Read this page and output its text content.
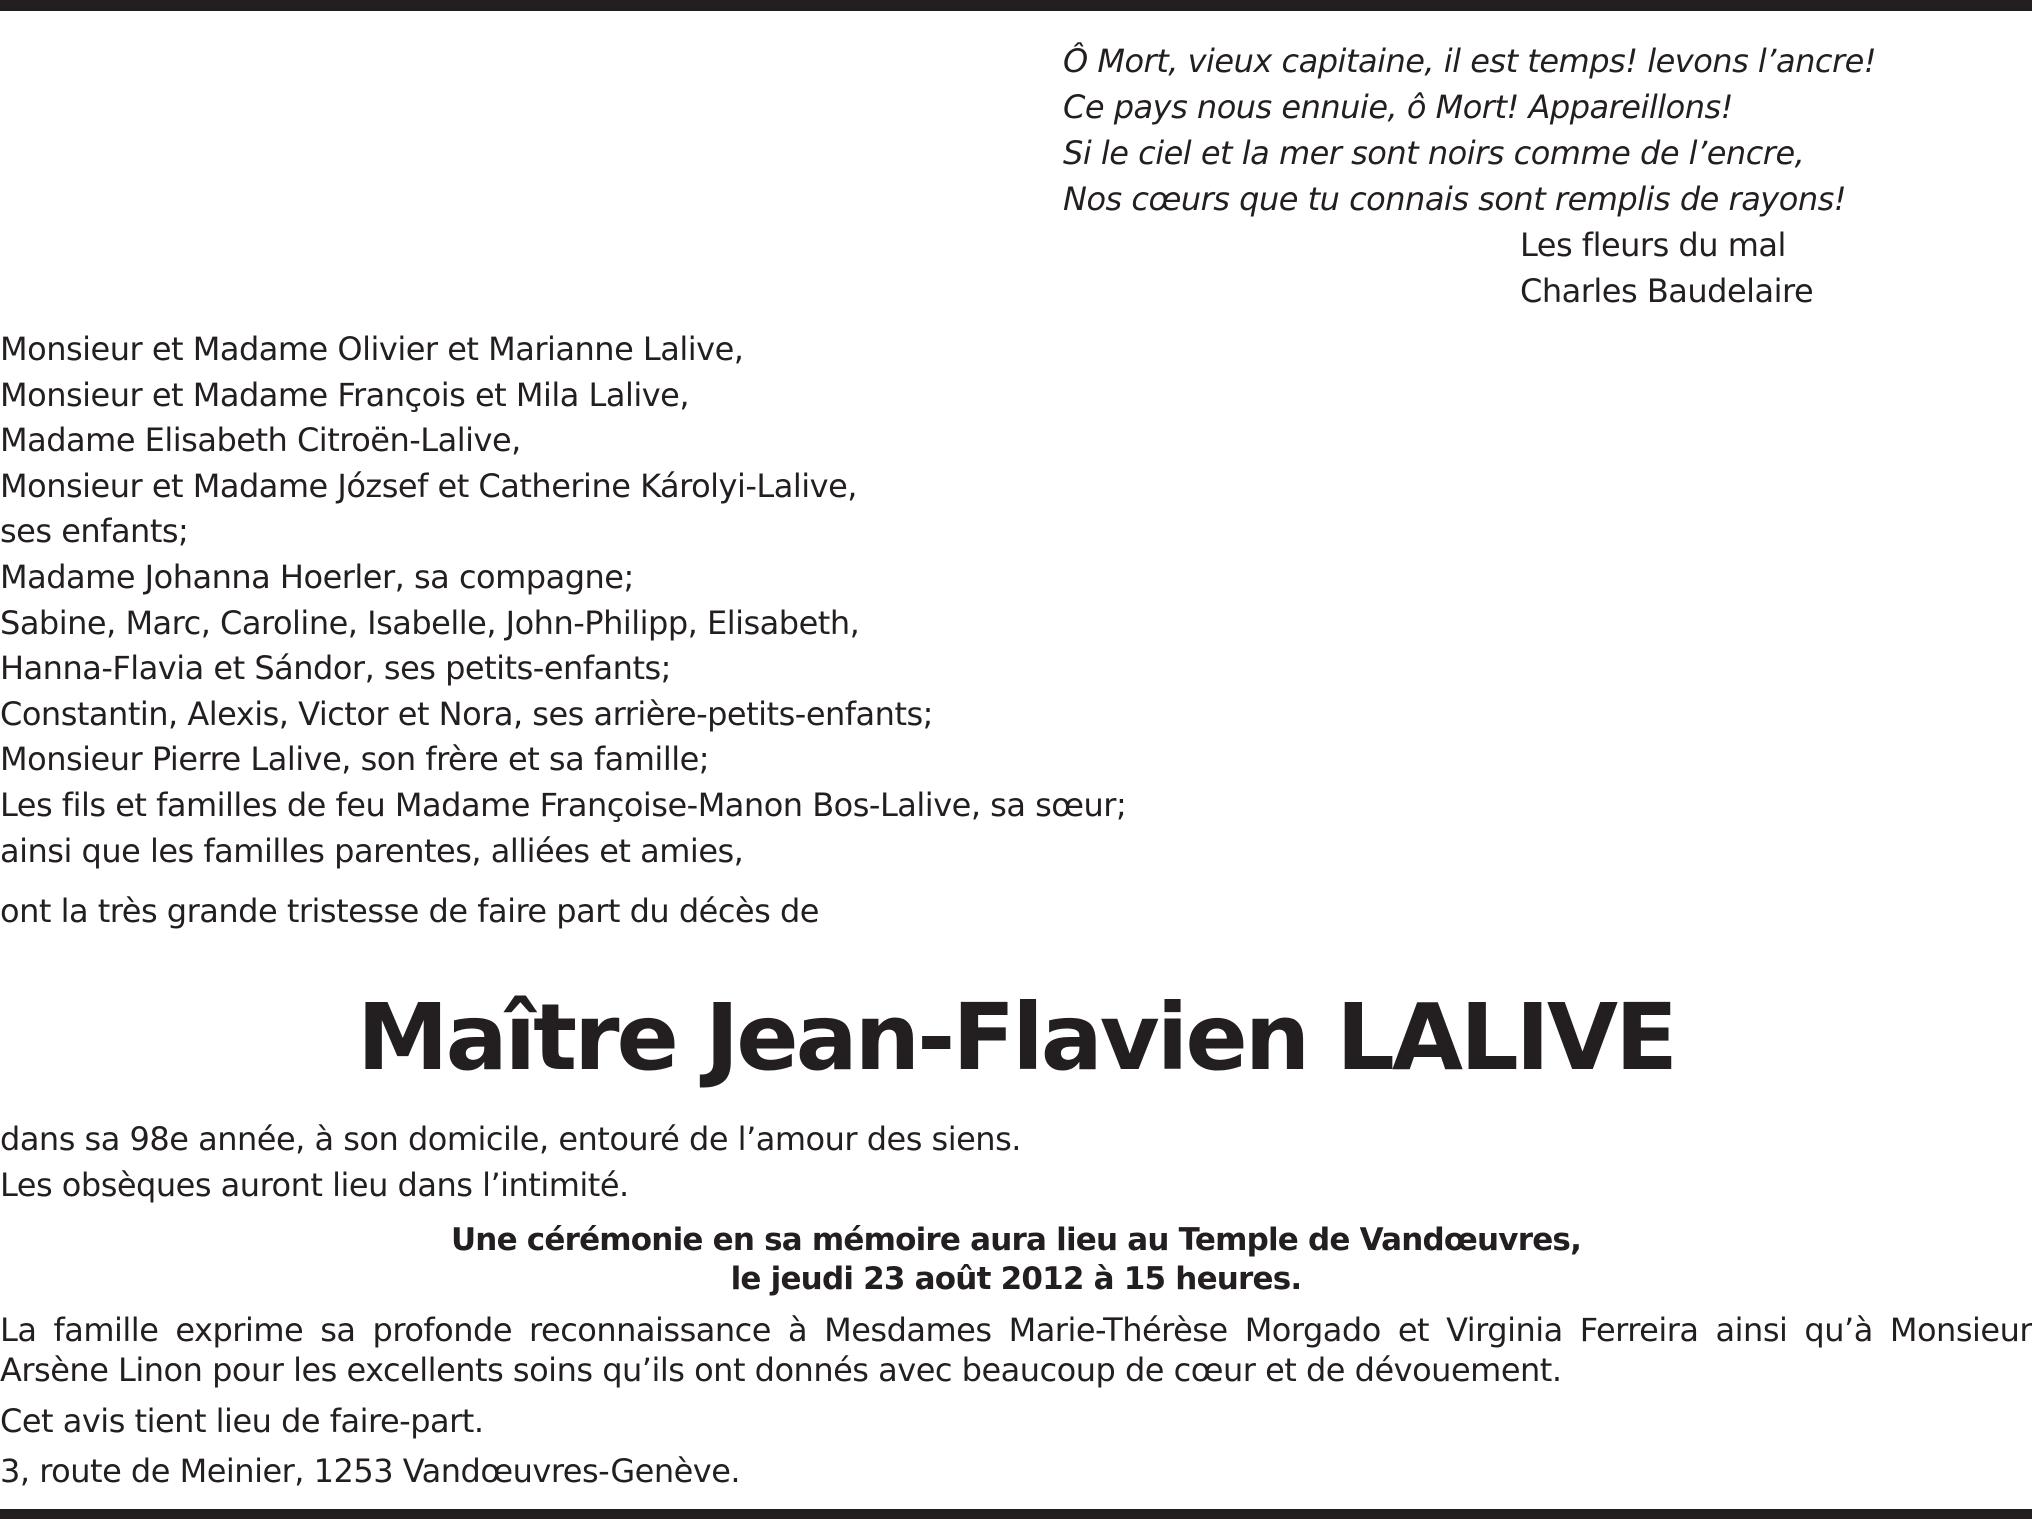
Ô Mort, vieux capitaine, il est temps! levons l’ancre!
Ce pays nous ennuie, ô Mort! Appareillons!
Si le ciel et la mer sont noirs comme de l’encre,
Nos cœurs que tu connais sont remplis de rayons!
Les fleurs du mal
Charles Baudelaire
Monsieur et Madame Olivier et Marianne Lalive,
Monsieur et Madame François et Mila Lalive,
Madame Elisabeth Citroën-Lalive,
Monsieur et Madame József et Catherine Károlyi-Lalive,
ses enfants;
Madame Johanna Hoerler, sa compagne;
Sabine, Marc, Caroline, Isabelle, John-Philipp, Elisabeth,
Hanna-Flavia et Sándor, ses petits-enfants;
Constantin, Alexis, Victor et Nora, ses arrière-petits-enfants;
Monsieur Pierre Lalive, son frère et sa famille;
Les fils et familles de feu Madame Françoise-Manon Bos-Lalive, sa sœur;
ainsi que les familles parentes, alliées et amies,
ont la très grande tristesse de faire part du décès de
Maître Jean-Flavien LALIVE
dans sa 98e année, à son domicile, entouré de l’amour des siens.
Les obsèques auront lieu dans l’intimité.
Une cérémonie en sa mémoire aura lieu au Temple de Vandœuvres,
le jeudi 23 août 2012 à 15 heures.
La famille exprime sa profonde reconnaissance à Mesdames Marie-Thérèse Morgado et Virginia Ferreira ainsi qu’à Monsieur Arsène Linon pour les excellents soins qu’ils ont donnés avec beaucoup de cœur et de dévouement.
Cet avis tient lieu de faire-part.
3, route de Meinier, 1253 Vandœuvres-Genève.
